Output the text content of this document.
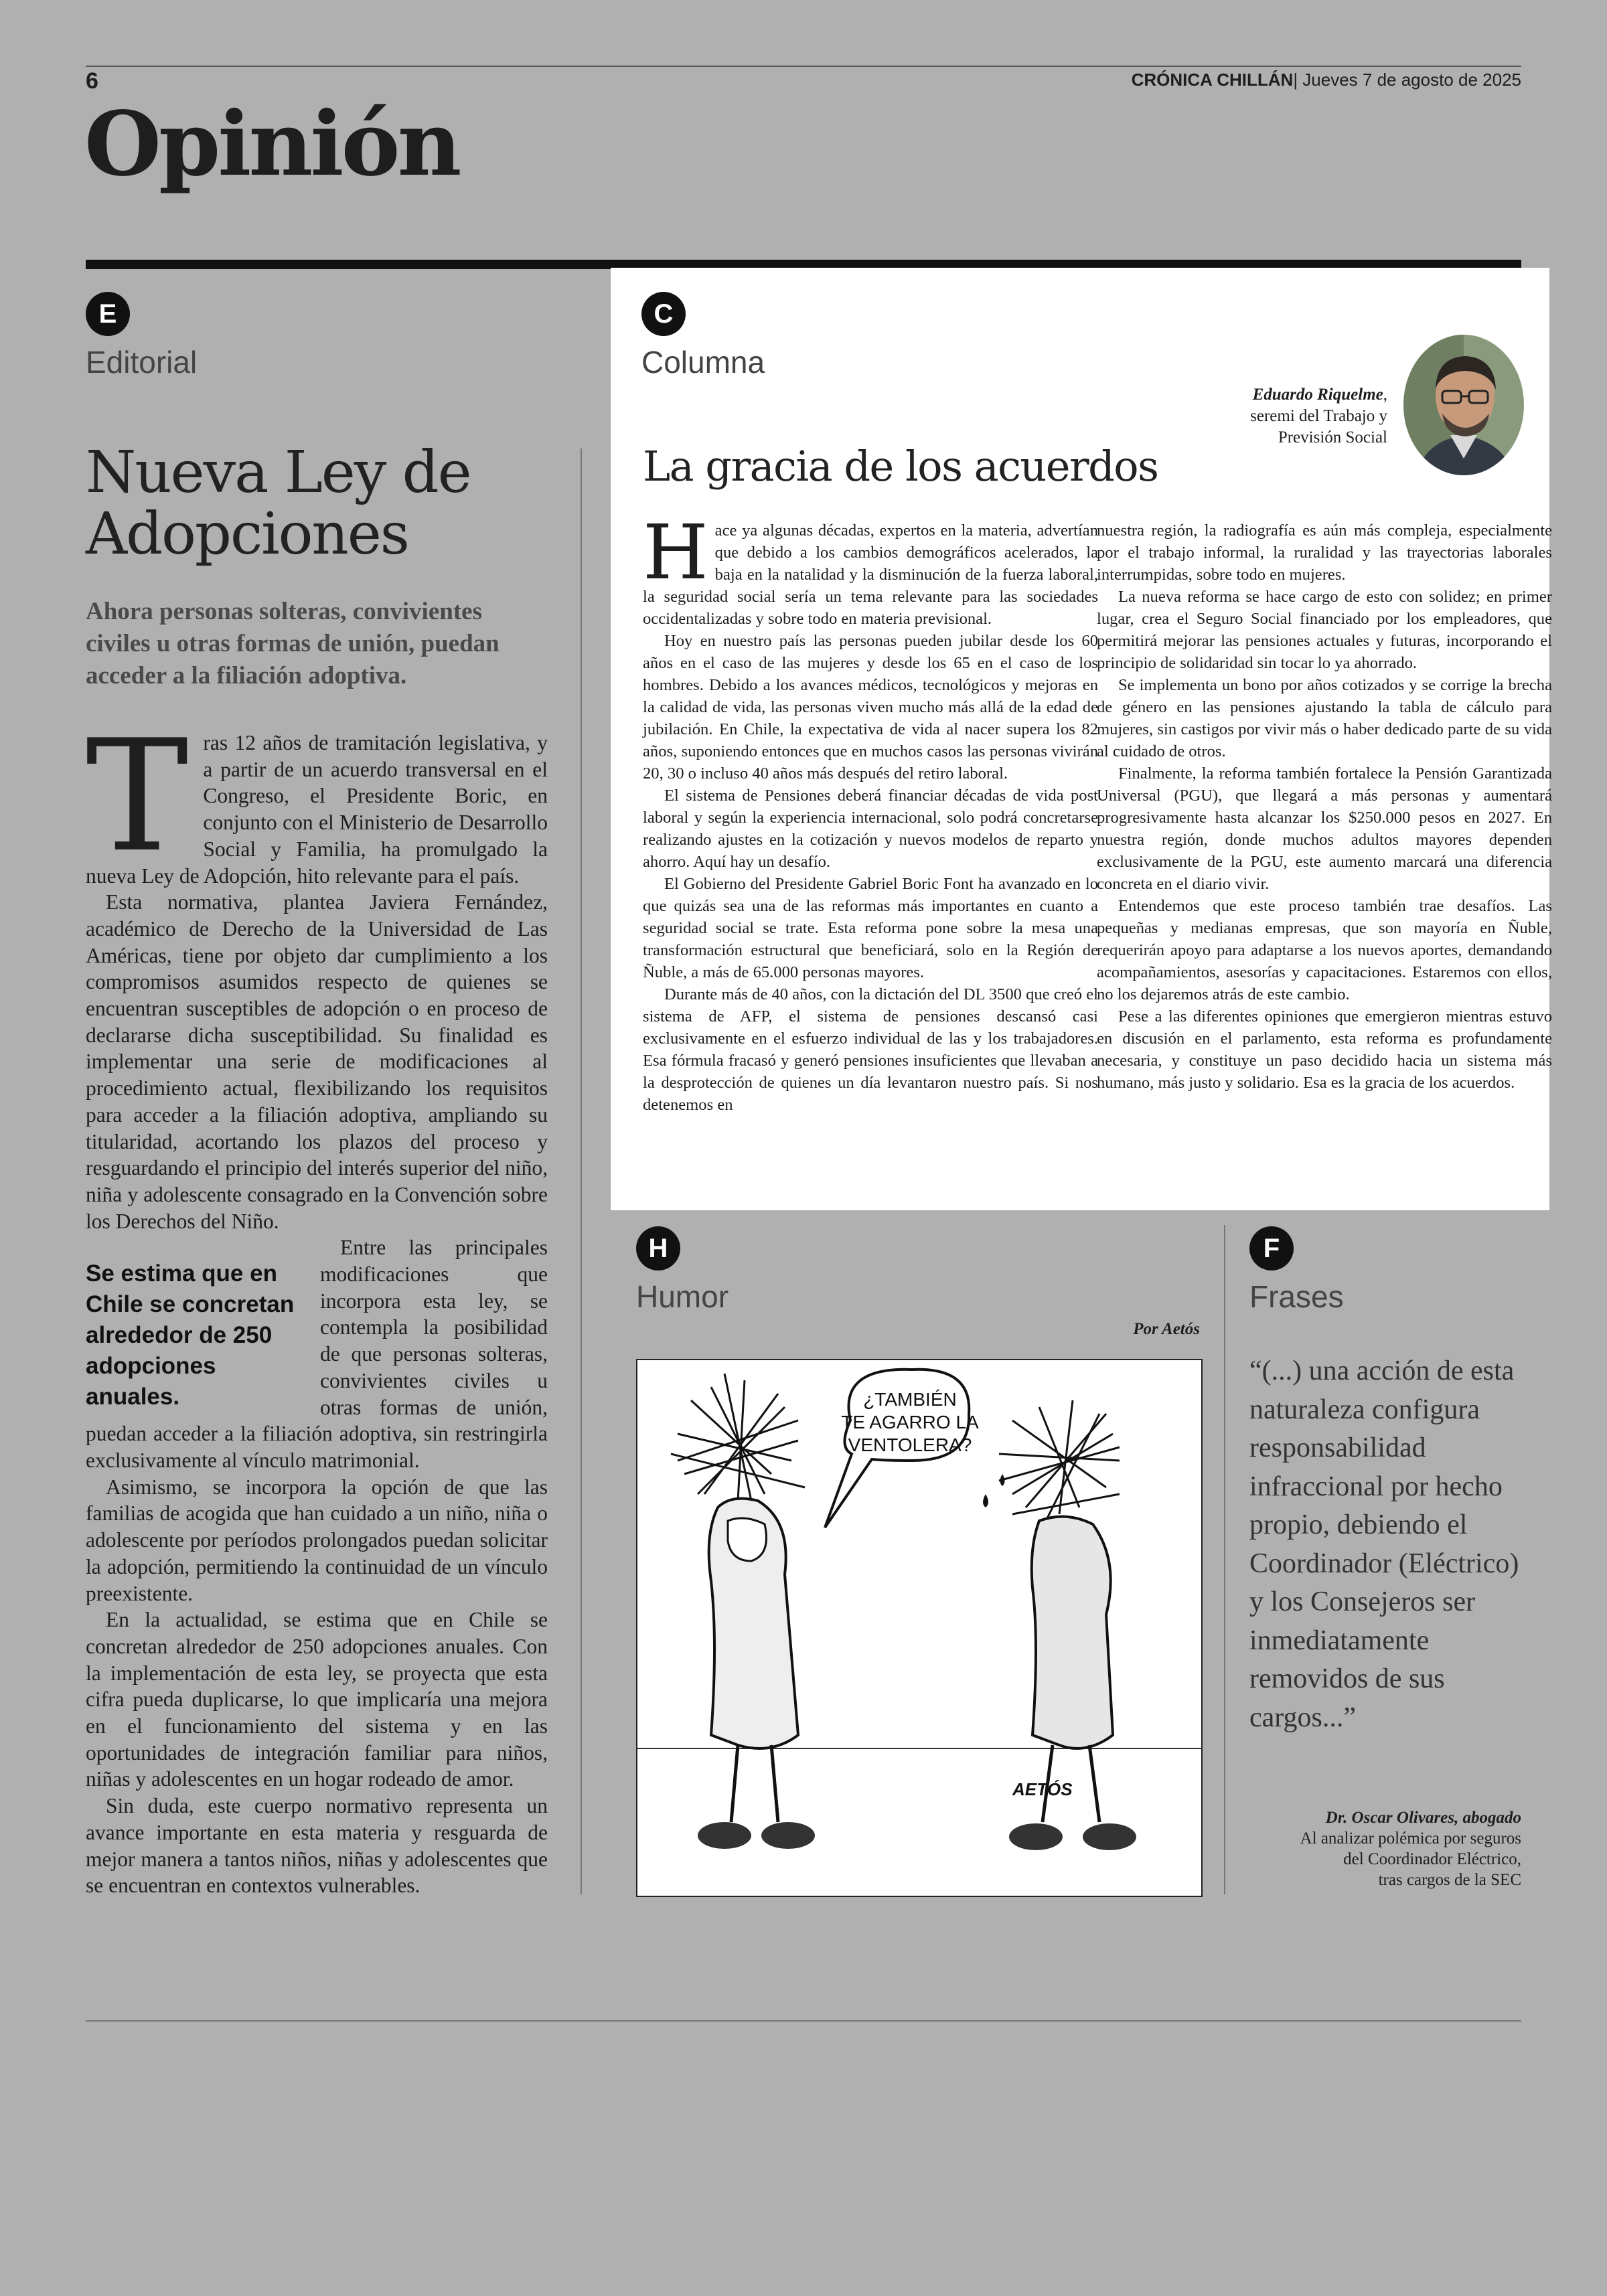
6	CRÓNICA CHILLÁN| Jueves 7 de agosto de 2025
Opinión
E
Editorial
Nueva Ley de Adopciones
Ahora personas solteras, convivientes civiles u otras formas de unión, puedan acceder a la filiación adoptiva.

Tras 12 años de tramitación legislativa, y a partir de un acuerdo transversal en el Congreso, el Presidente Boric, en conjunto con el Ministerio de Desarrollo Social y Familia, ha promulgado la nueva Ley de Adopción, hito relevante para el país.

Esta normativa, plantea Javiera Fernández, académico de Derecho de la Universidad de Las Américas, tiene por objeto dar cumplimiento a los compromisos asumidos respecto de quienes se encuentran susceptibles de adopción o en proceso de declararse dicha susceptibilidad. Su finalidad es implementar una serie de modificaciones al procedimiento actual, flexibilizando los requisitos para acceder a la filiación adoptiva, ampliando su titularidad, acortando los plazos del proceso y resguardando el principio del interés superior del niño, niña y adolescente consagrado en la Convención sobre los Derechos del Niño.

Se estima que en Chile se concretan alrededor de 250 adopciones anuales.
Entre las principales modificaciones que incorpora esta ley, se contempla la posibilidad de que personas solteras, convivientes civiles u otras formas de unión, puedan acceder a la filiación adoptiva, sin restringirla exclusivamente al vínculo matrimonial.

Asimismo, se incorpora la opción de que las familias de acogida que han cuidado a un niño, niña o adolescente por períodos prolongados puedan solicitar la adopción, permitiendo la continuidad de un vínculo preexistente.

En la actualidad, se estima que en Chile se concretan alrededor de 250 adopciones anuales. Con la implementación de esta ley, se proyecta que esta cifra pueda duplicarse, lo que implicaría una mejora en el funcionamiento del sistema y en las oportunidades de integración familiar para niños, niñas y adolescentes en un hogar rodeado de amor.

Sin duda, este cuerpo normativo representa un avance importante en esta materia y resguarda de mejor manera a tantos niños, niñas y adolescentes que se encuentran en contextos vulnerables.

C
Columna
La gracia de los acuerdos
Eduardo Riquelme,
seremi del Trabajo y
Previsión Social

Hace ya algunas décadas, expertos en la materia, advertían que debido a los cambios demográficos acelerados, la baja en la natalidad y la disminución de la fuerza laboral, la seguridad social sería un tema relevante para las sociedades occidentalizadas y sobre todo en materia previsional.

Hoy en nuestro país las personas pueden jubilar desde los 60 años en el caso de las mujeres y desde los 65 en el caso de los hombres. Debido a los avances médicos, tecnológicos y mejoras en la calidad de vida, las personas viven mucho más allá de la edad de jubilación. En Chile, la expectativa de vida al nacer supera los 82 años, suponiendo entonces que en muchos casos las personas vivirán 20, 30 o incluso 40 años más después del retiro laboral.

El sistema de Pensiones deberá financiar décadas de vida post laboral y según la experiencia internacional, solo podrá concretarse realizando ajustes en la cotización y nuevos modelos de reparto y ahorro. Aquí hay un desafío.

El Gobierno del Presidente Gabriel Boric Font ha avanzado en lo que quizás sea una de las reformas más importantes en cuanto a seguridad social se trate. Esta reforma pone sobre la mesa una transformación estructural que beneficiará, solo en la Región de Ñuble, a más de 65.000 personas mayores.

Durante más de 40 años, con la dictación del DL 3500 que creó el sistema de AFP, el sistema de pensiones descansó casi exclusivamente en el esfuerzo individual de las y los trabajadores. Esa fórmula fracasó y generó pensiones insuficientes que llevaban a la desprotección de quienes un día levantaron nuestro país. Si nos detenemos en

nuestra región, la radiografía es aún más compleja, especialmente por el trabajo informal, la ruralidad y las trayectorias laborales interrumpidas, sobre todo en mujeres.

La nueva reforma se hace cargo de esto con solidez; en primer lugar, crea el Seguro Social financiado por los empleadores, que permitirá mejorar las pensiones actuales y futuras, incorporando el principio de solidaridad sin tocar lo ya ahorrado.

Se implementa un bono por años cotizados y se corrige la brecha de género en las pensiones ajustando la tabla de cálculo para mujeres, sin castigos por vivir más o haber dedicado parte de su vida al cuidado de otros.

Finalmente, la reforma también fortalece la Pensión Garantizada Universal (PGU), que llegará a más personas y aumentará progresivamente hasta alcanzar los $250.000 pesos en 2027. En nuestra región, donde muchos adultos mayores dependen exclusivamente de la PGU, este aumento marcará una diferencia concreta en el diario vivir.

Entendemos que este proceso también trae desafíos. Las pequeñas y medianas empresas, que son mayoría en Ñuble, requerirán apoyo para adaptarse a los nuevos aportes, demandando acompañamientos, asesorías y capacitaciones. Estaremos con ellos, no los dejaremos atrás de este cambio.

Pese a las diferentes opiniones que emergieron mientras estuvo en discusión en el parlamento, esta reforma es profundamente necesaria, y constituye un paso decidido hacia un sistema más humano, más justo y solidario. Esa es la gracia de los acuerdos.

H
Humor
Por Aetós
¿TAMBIÉN
TE AGARRO LA
VENTOLERA?
AETÓS
F
Frases
“(...) una acción de esta naturaleza configura responsabilidad infraccional por hecho propio, debiendo el Coordinador (Eléctrico) y los Consejeros ser inmediatamente removidos de sus cargos...”
Dr. Oscar Olivares, abogado
Al analizar polémica por seguros
del Coordinador Eléctrico,
tras cargos de la SEC
